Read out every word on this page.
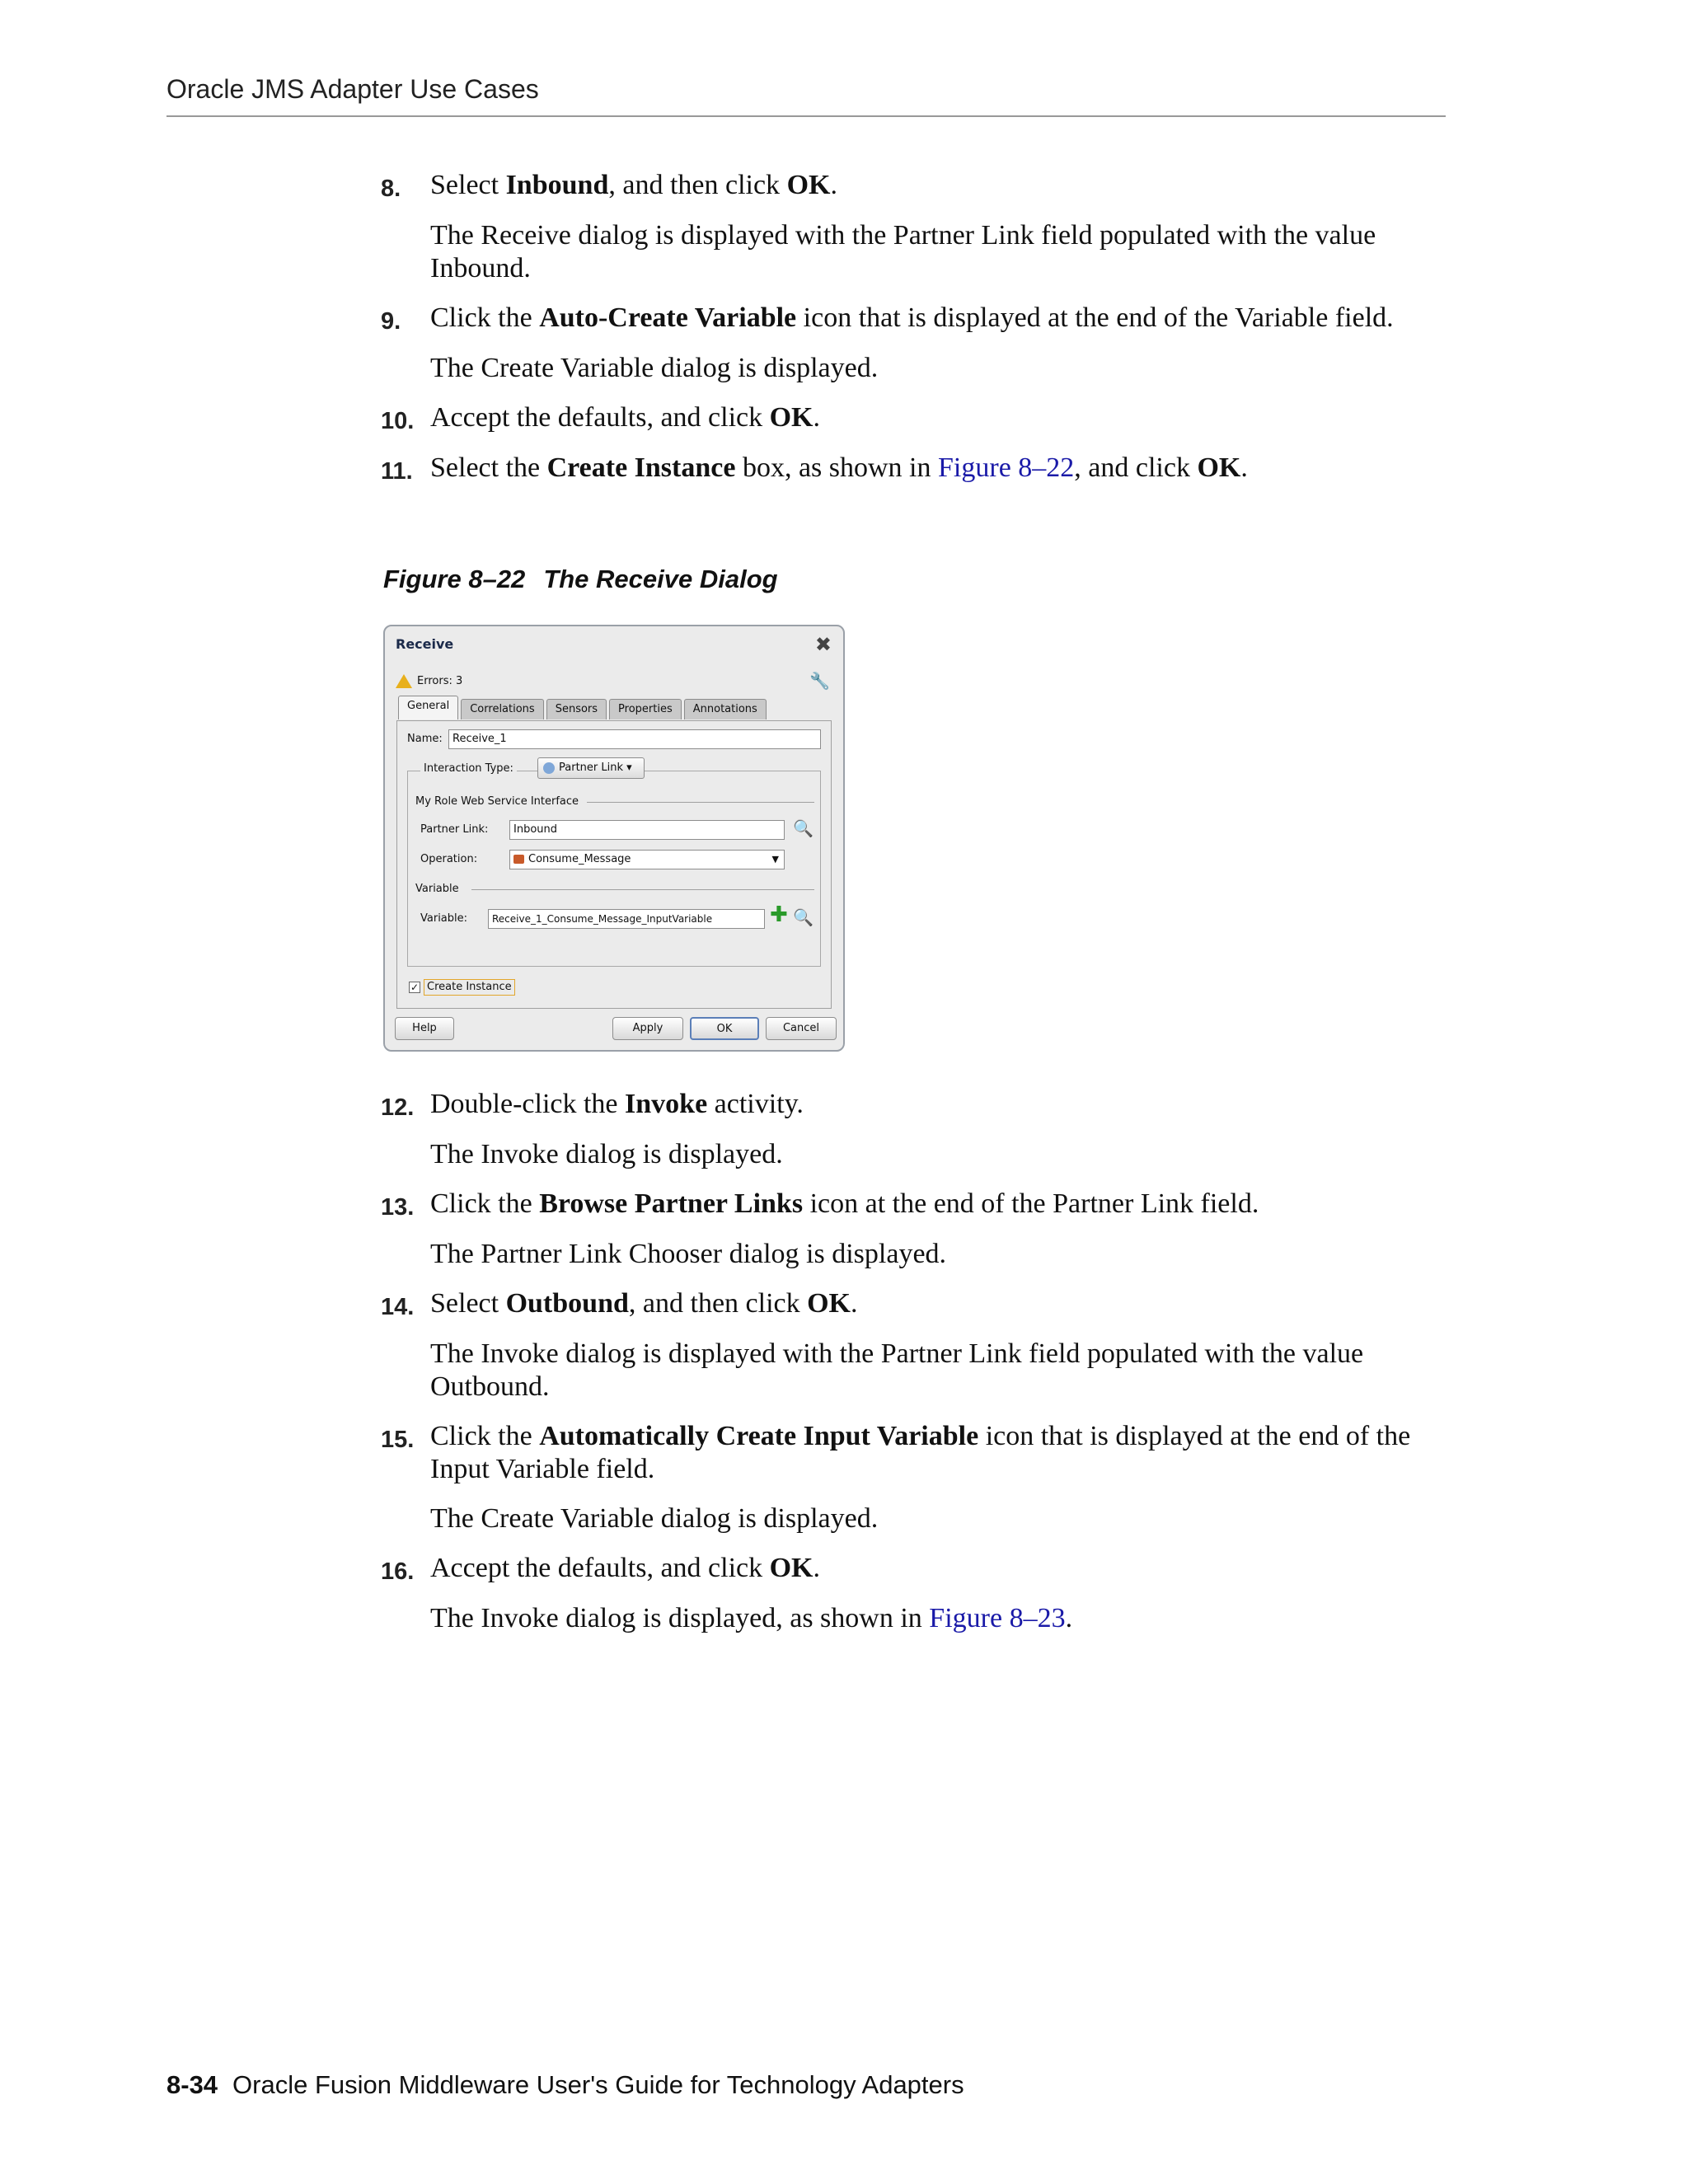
Oracle JMS Adapter Use Cases
8.	Select Inbound, and then click OK.
The Receive dialog is displayed with the Partner Link field populated with the value Inbound.
9.	Click the Auto-Create Variable icon that is displayed at the end of the Variable field.
The Create Variable dialog is displayed.
10. Accept the defaults, and click OK.
11. Select the Create Instance box, as shown in Figure 8–22, and click OK.
Figure 8–22 The Receive Dialog
Receive	✖
Errors: 3	🔧
General	Correlations	Sensors	Properties	Annotations
Name: Receive_1
Interaction Type:	Partner Link ▾
My Role Web Service Interface
Partner Link:	Inbound	🔍
Operation:	Consume_Message	▼
Variable
Variable:	Receive_1_Consume_Message_InputVariable	✚ 🔍
✓ Create Instance
Help	Apply	OK	Cancel
12. Double-click the Invoke activity.
The Invoke dialog is displayed.
13. Click the Browse Partner Links icon at the end of the Partner Link field.
The Partner Link Chooser dialog is displayed.
14. Select Outbound, and then click OK.
The Invoke dialog is displayed with the Partner Link field populated with the value Outbound.
15. Click the Automatically Create Input Variable icon that is displayed at the end of the Input Variable field.
The Create Variable dialog is displayed.
16. Accept the defaults, and click OK.
The Invoke dialog is displayed, as shown in Figure 8–23.
8-34 Oracle Fusion Middleware User's Guide for Technology Adapters
